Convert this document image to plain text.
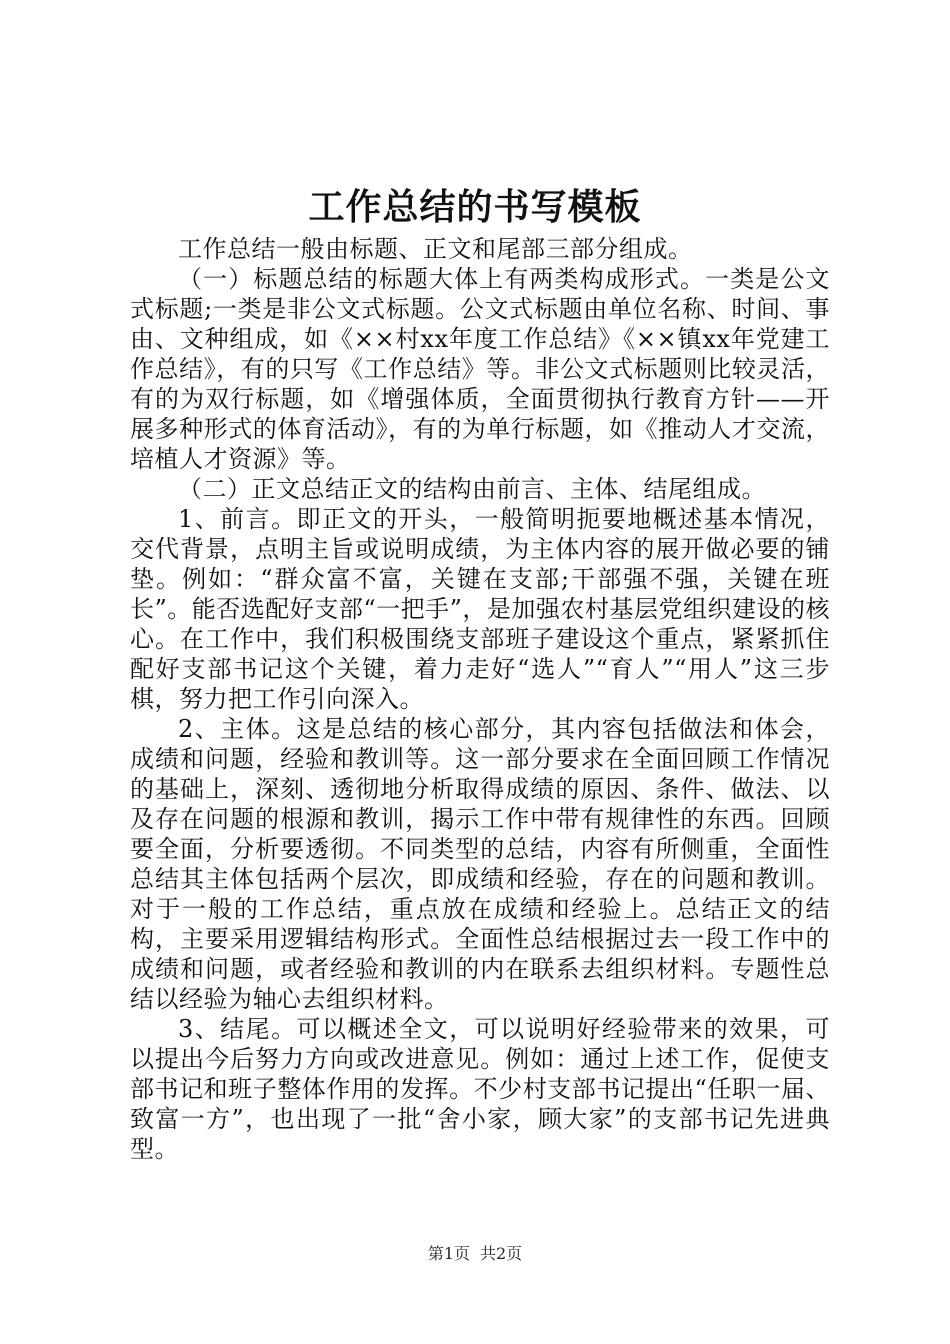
工作总结的书写模板

工作总结一般由标题、正文和尾部三部分组成。

（一）标题总结的标题大体上有两类构成形式。一类是公文式标题;一类是非公文式标题。公文式标题由单位名称、时间、事由、文种组成，如《××村xx年度工作总结》《××镇xx年党建工作总结》，有的只写《工作总结》等。非公文式标题则比较灵活，有的为双行标题，如《增强体质，全面贯彻执行教育方针——开展多种形式的体育活动》，有的为单行标题，如《推动人才交流，培植人才资源》等。

（二）正文总结正文的结构由前言、主体、结尾组成。

1、前言。即正文的开头，一般简明扼要地概述基本情况，交代背景，点明主旨或说明成绩，为主体内容的展开做必要的铺垫。例如：“群众富不富，关键在支部;干部强不强，关键在班长”。能否选配好支部“一把手”，是加强农村基层党组织建设的核心。在工作中，我们积极围绕支部班子建设这个重点，紧紧抓住配好支部书记这个关键，着力走好“选人”“育人”“用人”这三步棋，努力把工作引向深入。

2、主体。这是总结的核心部分，其内容包括做法和体会，成绩和问题，经验和教训等。这一部分要求在全面回顾工作情况的基础上，深刻、透彻地分析取得成绩的原因、条件、做法、以及存在问题的根源和教训，揭示工作中带有规律性的东西。回顾要全面，分析要透彻。不同类型的总结，内容有所侧重，全面性总结其主体包括两个层次，即成绩和经验，存在的问题和教训。对于一般的工作总结，重点放在成绩和经验上。总结正文的结构，主要采用逻辑结构形式。全面性总结根据过去一段工作中的成绩和问题，或者经验和教训的内在联系去组织材料。专题性总结以经验为轴心去组织材料。

3、结尾。可以概述全文，可以说明好经验带来的效果，可以提出今后努力方向或改进意见。例如：通过上述工作，促使支部书记和班子整体作用的发挥。不少村支部书记提出“任职一届、致富一方”，也出现了一批“舍小家，顾大家”的支部书记先进典型。

第1页 共2页
